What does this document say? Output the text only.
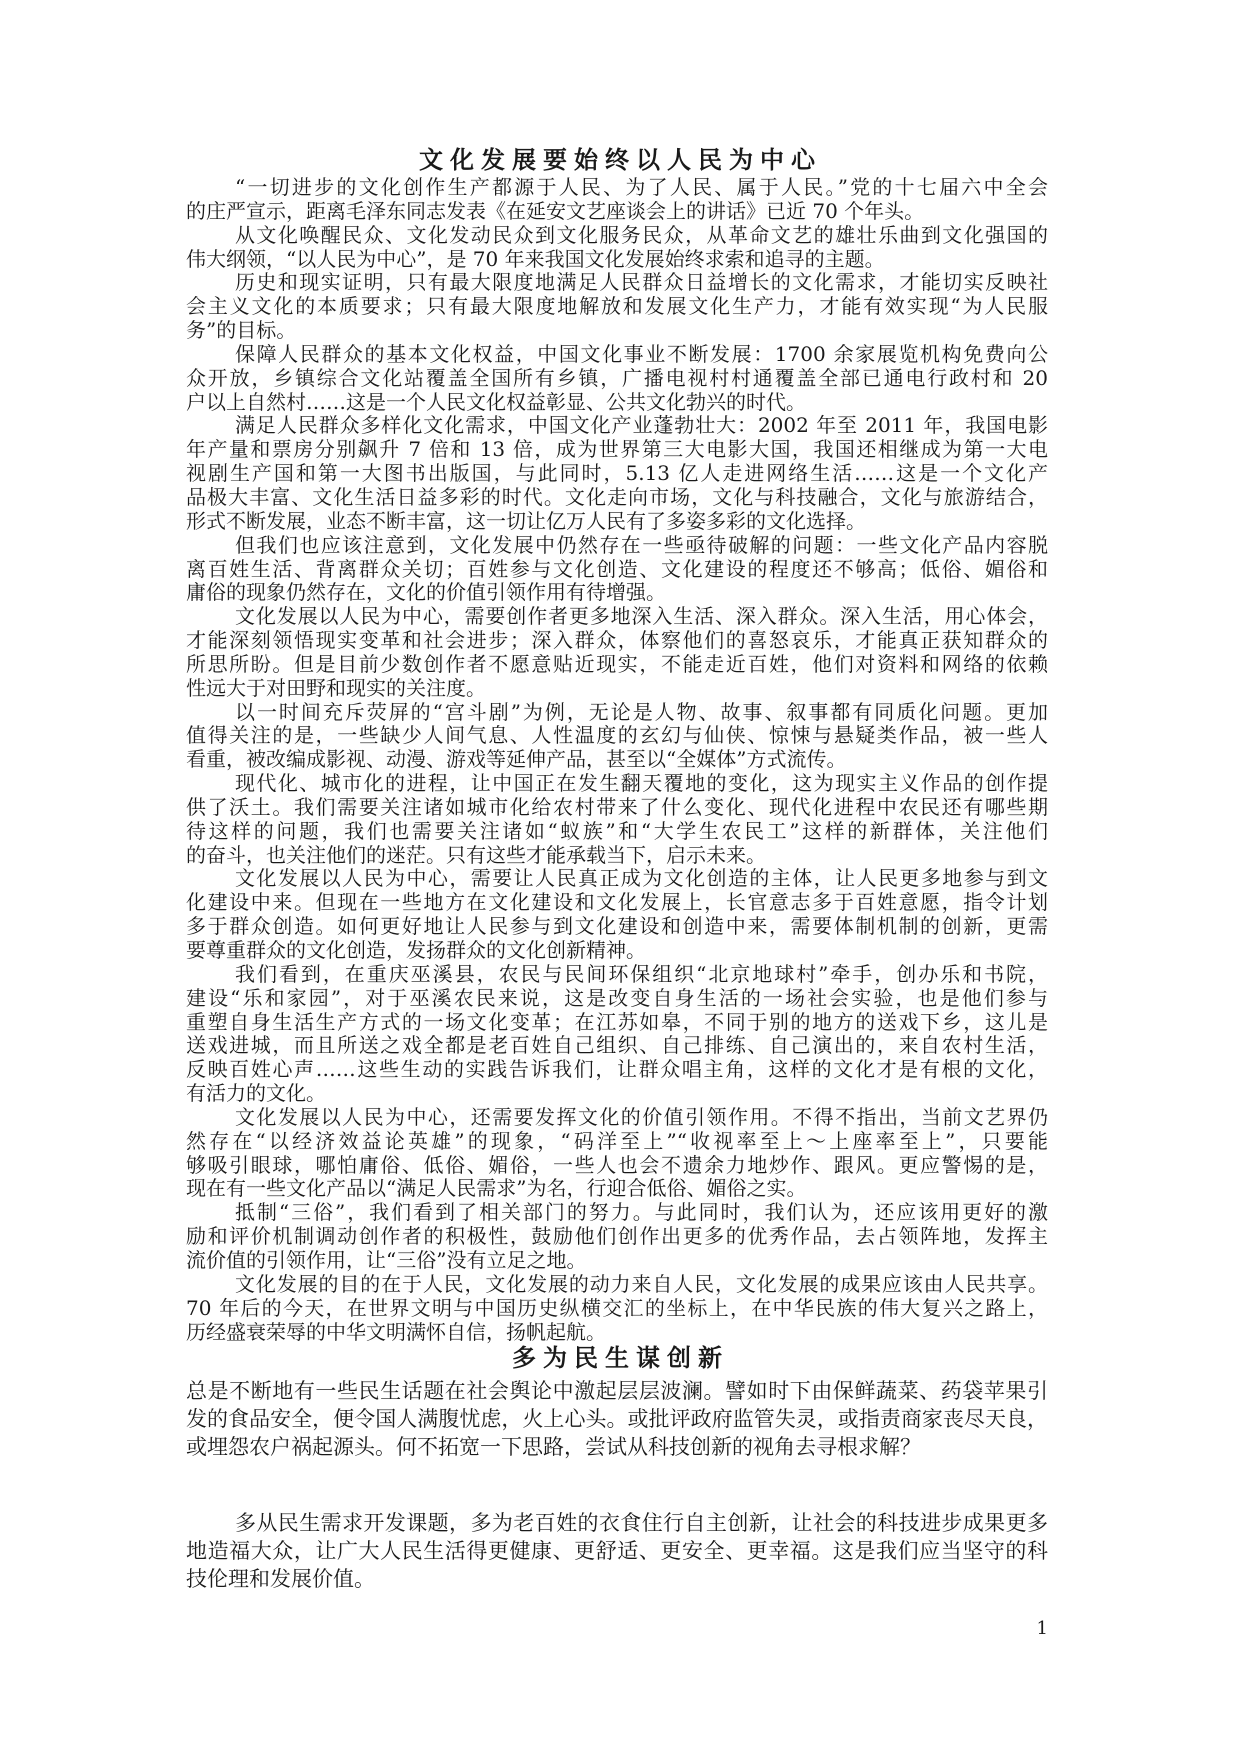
文化发展要始终以人民为中心

“一切进步的文化创作生产都源于人民、为了人民、属于人民。”党的十七届六中全会
的庄严宣示，距离毛泽东同志发表《在延安文艺座谈会上的讲话》已近 70 个年头。

从文化唤醒民众、文化发动民众到文化服务民众，从革命文艺的雄壮乐曲到文化强国的
伟大纲领，“以人民为中心”，是 70 年来我国文化发展始终求索和追寻的主题。

历史和现实证明，只有最大限度地满足人民群众日益增长的文化需求，才能切实反映社
会主义文化的本质要求；只有最大限度地解放和发展文化生产力，才能有效实现“为人民服
务”的目标。

保障人民群众的基本文化权益，中国文化事业不断发展：1700 余家展览机构免费向公
众开放，乡镇综合文化站覆盖全国所有乡镇，广播电视村村通覆盖全部已通电行政村和 20
户以上自然村……这是一个人民文化权益彰显、公共文化勃兴的时代。

满足人民群众多样化文化需求，中国文化产业蓬勃壮大：2002 年至 2011 年，我国电影
年产量和票房分别飙升 7 倍和 13 倍，成为世界第三大电影大国，我国还相继成为第一大电
视剧生产国和第一大图书出版国，与此同时，5.13 亿人走进网络生活……这是一个文化产
品极大丰富、文化生活日益多彩的时代。文化走向市场，文化与科技融合，文化与旅游结合，
形式不断发展，业态不断丰富，这一切让亿万人民有了多姿多彩的文化选择。

但我们也应该注意到，文化发展中仍然存在一些亟待破解的问题：一些文化产品内容脱
离百姓生活、背离群众关切；百姓参与文化创造、文化建设的程度还不够高；低俗、媚俗和
庸俗的现象仍然存在，文化的价值引领作用有待增强。

文化发展以人民为中心，需要创作者更多地深入生活、深入群众。深入生活，用心体会，
才能深刻领悟现实变革和社会进步；深入群众，体察他们的喜怒哀乐，才能真正获知群众的
所思所盼。但是目前少数创作者不愿意贴近现实，不能走近百姓，他们对资料和网络的依赖
性远大于对田野和现实的关注度。

以一时间充斥荧屏的“宫斗剧”为例，无论是人物、故事、叙事都有同质化问题。更加
值得关注的是，一些缺少人间气息、人性温度的玄幻与仙侠、惊悚与悬疑类作品，被一些人
看重，被改编成影视、动漫、游戏等延伸产品，甚至以“全媒体”方式流传。

现代化、城市化的进程，让中国正在发生翻天覆地的变化，这为现实主义作品的创作提
供了沃土。我们需要关注诸如城市化给农村带来了什么变化、现代化进程中农民还有哪些期
待这样的问题，我们也需要关注诸如“蚁族”和“大学生农民工”这样的新群体，关注他们
的奋斗，也关注他们的迷茫。只有这些才能承载当下，启示未来。

文化发展以人民为中心，需要让人民真正成为文化创造的主体，让人民更多地参与到文
化建设中来。但现在一些地方在文化建设和文化发展上，长官意志多于百姓意愿，指令计划
多于群众创造。如何更好地让人民参与到文化建设和创造中来，需要体制机制的创新，更需
要尊重群众的文化创造，发扬群众的文化创新精神。

我们看到，在重庆巫溪县，农民与民间环保组织“北京地球村”牵手，创办乐和书院，
建设“乐和家园”，对于巫溪农民来说，这是改变自身生活的一场社会实验，也是他们参与
重塑自身生活生产方式的一场文化变革；在江苏如皋，不同于别的地方的送戏下乡，这儿是
送戏进城，而且所送之戏全都是老百姓自己组织、自己排练、自己演出的，来自农村生活，
反映百姓心声……这些生动的实践告诉我们，让群众唱主角，这样的文化才是有根的文化，
有活力的文化。

文化发展以人民为中心，还需要发挥文化的价值引领作用。不得不指出，当前文艺界仍
然存在“以经济效益论英雄”的现象，“码洋至上”“收视率至上～上座率至上”，只要能
够吸引眼球，哪怕庸俗、低俗、媚俗，一些人也会不遗余力地炒作、跟风。更应警惕的是，
现在有一些文化产品以“满足人民需求”为名，行迎合低俗、媚俗之实。

抵制“三俗”，我们看到了相关部门的努力。与此同时，我们认为，还应该用更好的激
励和评价机制调动创作者的积极性，鼓励他们创作出更多的优秀作品，去占领阵地，发挥主
流价值的引领作用，让“三俗”没有立足之地。

文化发展的目的在于人民，文化发展的动力来自人民，文化发展的成果应该由人民共享。
70 年后的今天，在世界文明与中国历史纵横交汇的坐标上，在中华民族的伟大复兴之路上，
历经盛衰荣辱的中华文明满怀自信，扬帆起航。

多为民生谋创新

总是不断地有一些民生话题在社会舆论中激起层层波澜。譬如时下由保鲜蔬菜、药袋苹果引
发的食品安全，便令国人满腹忧虑，火上心头。或批评政府监管失灵，或指责商家丧尽天良，
或埋怨农户祸起源头。何不拓宽一下思路，尝试从科技创新的视角去寻根求解？

多从民生需求开发课题，多为老百姓的衣食住行自主创新，让社会的科技进步成果更多
地造福大众，让广大人民生活得更健康、更舒适、更安全、更幸福。这是我们应当坚守的科
技伦理和发展价值。

1
